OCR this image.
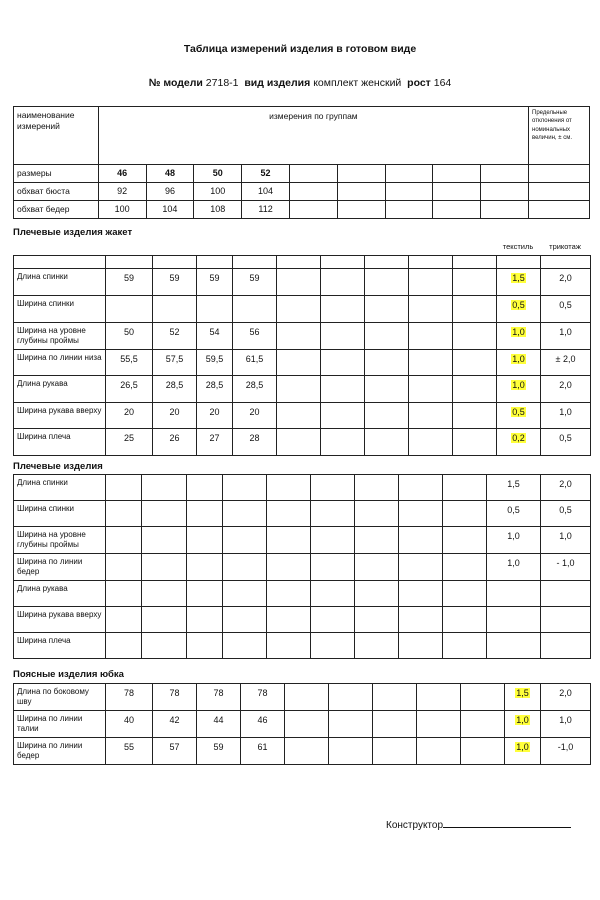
Таблица измерений изделия в готовом виде
№ модели 2718-1 вид изделия комплект женский рост 164
наименование измерений	измерения по группам									Предельные отклонения от номинальных величин, ± см.
размеры	46	48	50	52						
обхват бюста	92	96	100	104						
обхват бедер	100	104	108	112						
Плечевые изделия жакет
текстиль	трикотаж

Длина спинки	59	59	59	59						1,5	2,0
Ширина спинки										0,5	0,5
Ширина на уровне глубины проймы	50	52	54	56						1,0	1,0
Ширина по линии низа	55,5	57,5	59,5	61,5						1,0	± 2,0
Длина рукава	26,5	28,5	28,5	28,5						1,0	2,0
Ширина рукава вверху	20	20	20	20						0,5	1,0
Ширина плеча	25	26	27	28						0,2	0,5
Плечевые изделия
Длина спинки										1,5	2,0
Ширина спинки										0,5	0,5
Ширина на уровне глубины проймы										1,0	1,0
Ширина по линии бедер										1,0	- 1,0
Длина рукава											
Ширина рукава вверху											
Ширина плеча											
Поясные изделия юбка
Длина по боковому шву	78	78	78	78						1,5	2,0
Ширина по линии талии	40	42	44	46						1,0	1,0
Ширина по линии бедер	55	57	59	61						1,0	-1,0
Конструктор
